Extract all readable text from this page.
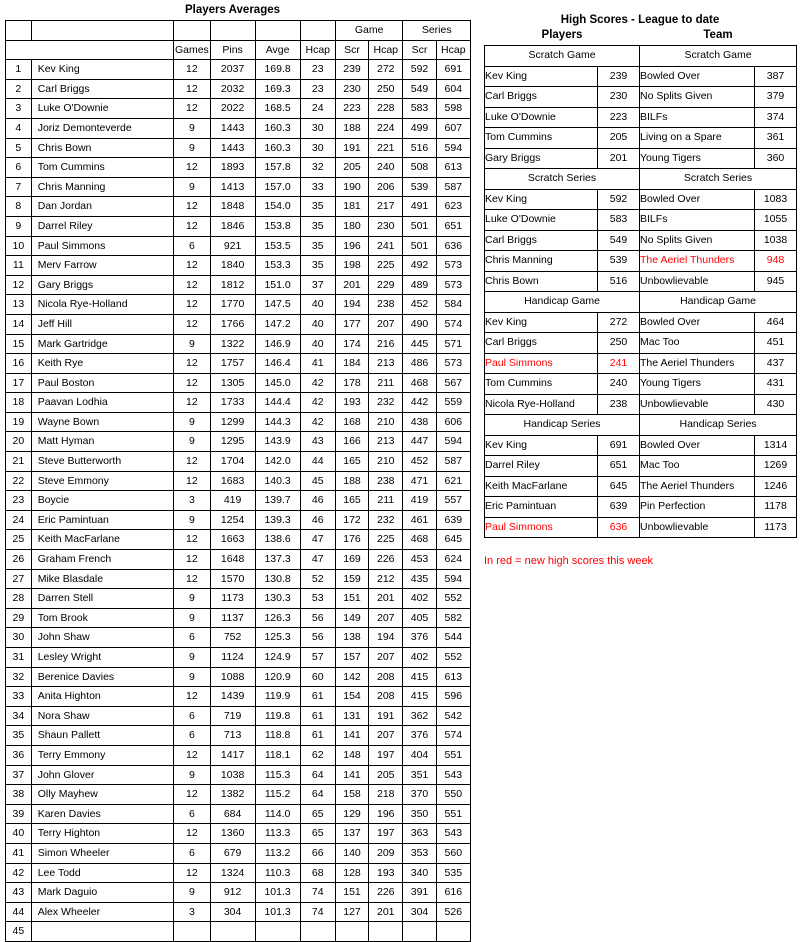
Players Averages
						Game		Series	
		Games	Pins	Avge	Hcap	Scr	Hcap	Scr	Hcap
1	Kev King	12	2037	169.8	23	239	272	592	691
2	Carl Briggs	12	2032	169.3	23	230	250	549	604
3	Luke O'Downie	12	2022	168.5	24	223	228	583	598
4	Joriz Demonteverde	9	1443	160.3	30	188	224	499	607
5	Chris Bown	9	1443	160.3	30	191	221	516	594
6	Tom Cummins	12	1893	157.8	32	205	240	508	613
7	Chris Manning	9	1413	157.0	33	190	206	539	587
8	Dan Jordan	12	1848	154.0	35	181	217	491	623
9	Darrel Riley	12	1846	153.8	35	180	230	501	651
10	Paul Simmons	6	921	153.5	35	196	241	501	636
11	Merv Farrow	12	1840	153.3	35	198	225	492	573
12	Gary Briggs	12	1812	151.0	37	201	229	489	573
13	Nicola Rye-Holland	12	1770	147.5	40	194	238	452	584
14	Jeff Hill	12	1766	147.2	40	177	207	490	574
15	Mark Gartridge	9	1322	146.9	40	174	216	445	571
16	Keith Rye	12	1757	146.4	41	184	213	486	573
17	Paul Boston	12	1305	145.0	42	178	211	468	567
18	Paavan Lodhia	12	1733	144.4	42	193	232	442	559
19	Wayne Bown	9	1299	144.3	42	168	210	438	606
20	Matt Hyman	9	1295	143.9	43	166	213	447	594
21	Steve Butterworth	12	1704	142.0	44	165	210	452	587
22	Steve Emmony	12	1683	140.3	45	188	238	471	621
23	Boycie	3	419	139.7	46	165	211	419	557
24	Eric Pamintuan	9	1254	139.3	46	172	232	461	639
25	Keith MacFarlane	12	1663	138.6	47	176	225	468	645
26	Graham French	12	1648	137.3	47	169	226	453	624
27	Mike Blasdale	12	1570	130.8	52	159	212	435	594
28	Darren Stell	9	1173	130.3	53	151	201	402	552
29	Tom Brook	9	1137	126.3	56	149	207	405	582
30	John Shaw	6	752	125.3	56	138	194	376	544
31	Lesley Wright	9	1124	124.9	57	157	207	402	552
32	Berenice Davies	9	1088	120.9	60	142	208	415	613
33	Anita Highton	12	1439	119.9	61	154	208	415	596
34	Nora Shaw	6	719	119.8	61	131	191	362	542
35	Shaun Pallett	6	713	118.8	61	141	207	376	574
36	Terry Emmony	12	1417	118.1	62	148	197	404	551
37	John Glover	9	1038	115.3	64	141	205	351	543
38	Olly Mayhew	12	1382	115.2	64	158	218	370	550
39	Karen Davies	6	684	114.0	65	129	196	350	551
40	Terry Highton	12	1360	113.3	65	137	197	363	543
41	Simon Wheeler	6	679	113.2	66	140	209	353	560
42	Lee Todd	12	1324	110.3	68	128	193	340	535
43	Mark Daguio	9	912	101.3	74	151	226	391	616
44	Alex Wheeler	3	304	101.3	74	127	201	304	526
45									
High Scores - League to date
Players	Team
Scratch Game		Scratch Game	
Kev King	239	Bowled Over	387
Carl Briggs	230	No Splits Given	379
Luke O'Downie	223	BILFs	374
Tom Cummins	205	Living on a Spare	361
Gary Briggs	201	Young Tigers	360
Scratch Series		Scratch Series	
Kev King	592	Bowled Over	1083
Luke O'Downie	583	BILFs	1055
Carl Briggs	549	No Splits Given	1038
Chris Manning	539	The Aeriel Thunders	948
Chris Bown	516	Unbowlievable	945
Handicap Game		Handicap Game	
Kev King	272	Bowled Over	464
Carl Briggs	250	Mac Too	451
Paul Simmons	241	The Aeriel Thunders	437
Tom Cummins	240	Young Tigers	431
Nicola Rye-Holland	238	Unbowlievable	430
Handicap Series		Handicap Series	
Kev King	691	Bowled Over	1314
Darrel Riley	651	Mac Too	1269
Keith MacFarlane	645	The Aeriel Thunders	1246
Eric Pamintuan	639	Pin Perfection	1178
Paul Simmons	636	Unbowlievable	1173
In red = new high scores this week
